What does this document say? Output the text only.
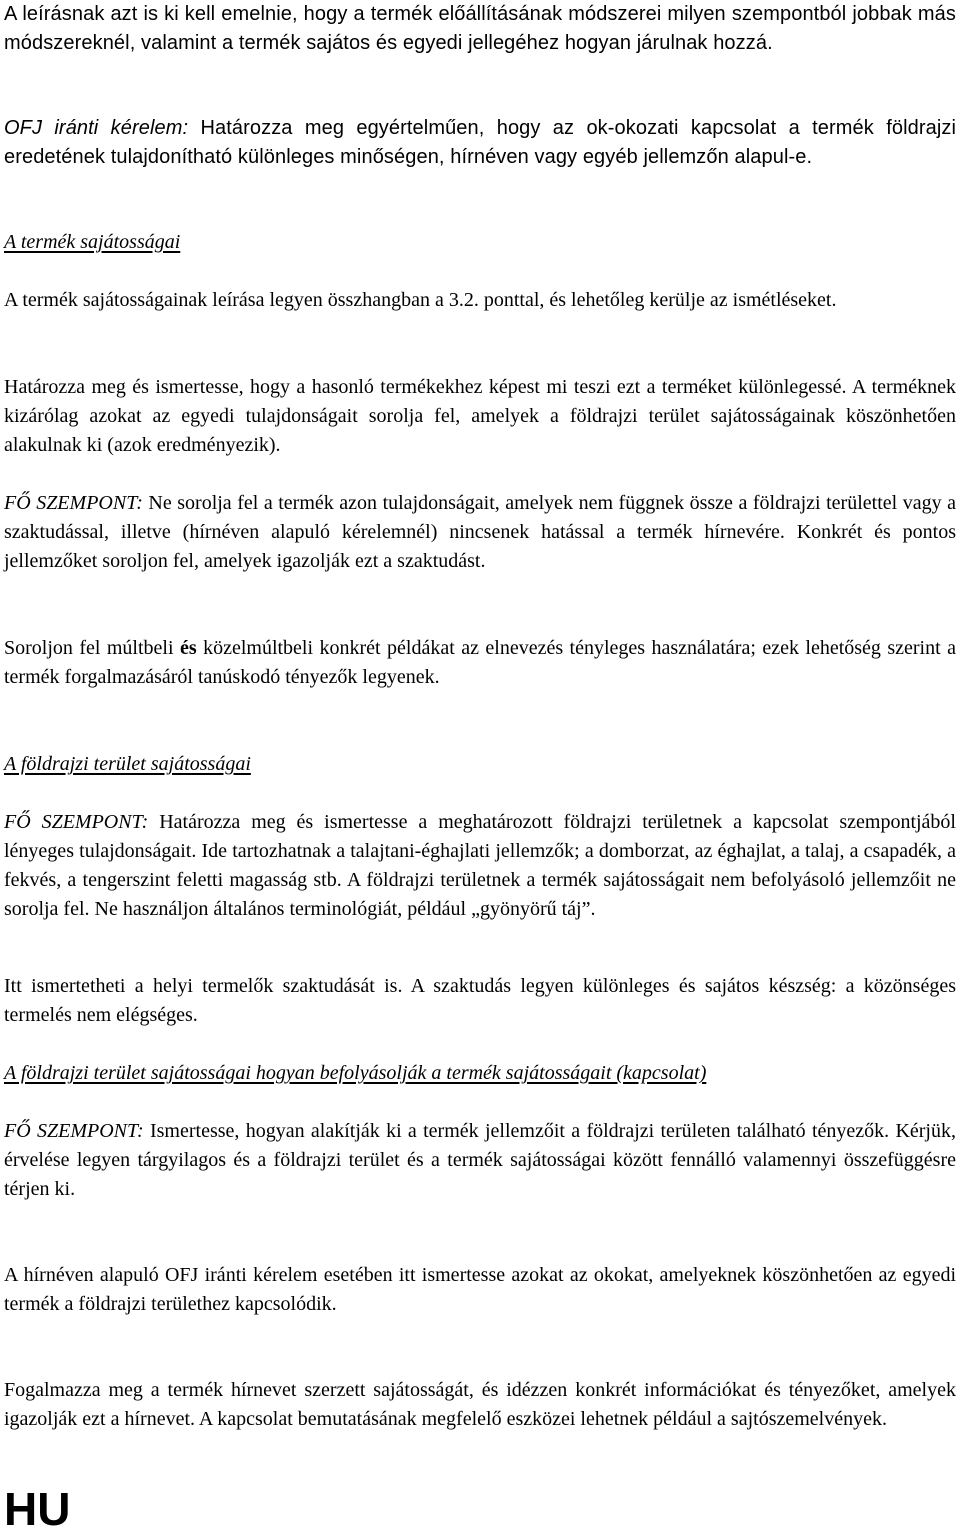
A leírásnak azt is ki kell emelnie, hogy a termék előállításának módszerei milyen szempontból jobbak más módszereknél, valamint a termék sajátos és egyedi jellegéhez hogyan járulnak hozzá.

OFJ iránti kérelem: Határozza meg egyértelműen, hogy az ok-okozati kapcsolat a termék földrajzi eredetének tulajdonítható különleges minőségen, hírnéven vagy egyéb jellemzőn alapul-e.

A termék sajátosságai

A termék sajátosságainak leírása legyen összhangban a 3.2. ponttal, és lehetőleg kerülje az ismétléseket.

Határozza meg és ismertesse, hogy a hasonló termékekhez képest mi teszi ezt a terméket különlegessé. A terméknek kizárólag azokat az egyedi tulajdonságait sorolja fel, amelyek a földrajzi terület sajátosságainak köszönhetően alakulnak ki (azok eredményezik).

FŐ SZEMPONT: Ne sorolja fel a termék azon tulajdonságait, amelyek nem függnek össze a földrajzi területtel vagy a szaktudással, illetve (hírnéven alapuló kérelemnél) nincsenek hatással a termék hírnevére. Konkrét és pontos jellemzőket soroljon fel, amelyek igazolják ezt a szaktudást.

Soroljon fel múltbeli és közelmúltbeli konkrét példákat az elnevezés tényleges használatára; ezek lehetőség szerint a termék forgalmazásáról tanúskodó tényezők legyenek.

A földrajzi terület sajátosságai

FŐ SZEMPONT: Határozza meg és ismertesse a meghatározott földrajzi területnek a kapcsolat szempontjából lényeges tulajdonságait. Ide tartozhatnak a talajtani-éghajlati jellemzők; a domborzat, az éghajlat, a talaj, a csapadék, a fekvés, a tengerszint feletti magasság stb. A földrajzi területnek a termék sajátosságait nem befolyásoló jellemzőit ne sorolja fel. Ne használjon általános terminológiát, például „gyönyörű táj”.

Itt ismertetheti a helyi termelők szaktudását is. A szaktudás legyen különleges és sajátos készség: a közönséges termelés nem elégséges.

A földrajzi terület sajátosságai hogyan befolyásolják a termék sajátosságait (kapcsolat)

FŐ SZEMPONT: Ismertesse, hogyan alakítják ki a termék jellemzőit a földrajzi területen található tényezők. Kérjük, érvelése legyen tárgyilagos és a földrajzi terület és a termék sajátosságai között fennálló valamennyi összefüggésre térjen ki.

A hírnéven alapuló OFJ iránti kérelem esetében itt ismertesse azokat az okokat, amelyeknek köszönhetően az egyedi termék a földrajzi területhez kapcsolódik.

Fogalmazza meg a termék hírnevet szerzett sajátosságát, és idézzen konkrét információkat és tényezőket, amelyek igazolják ezt a hírnevet. A kapcsolat bemutatásának megfelelő eszközei lehetnek például a sajtószemelvények.

HU
